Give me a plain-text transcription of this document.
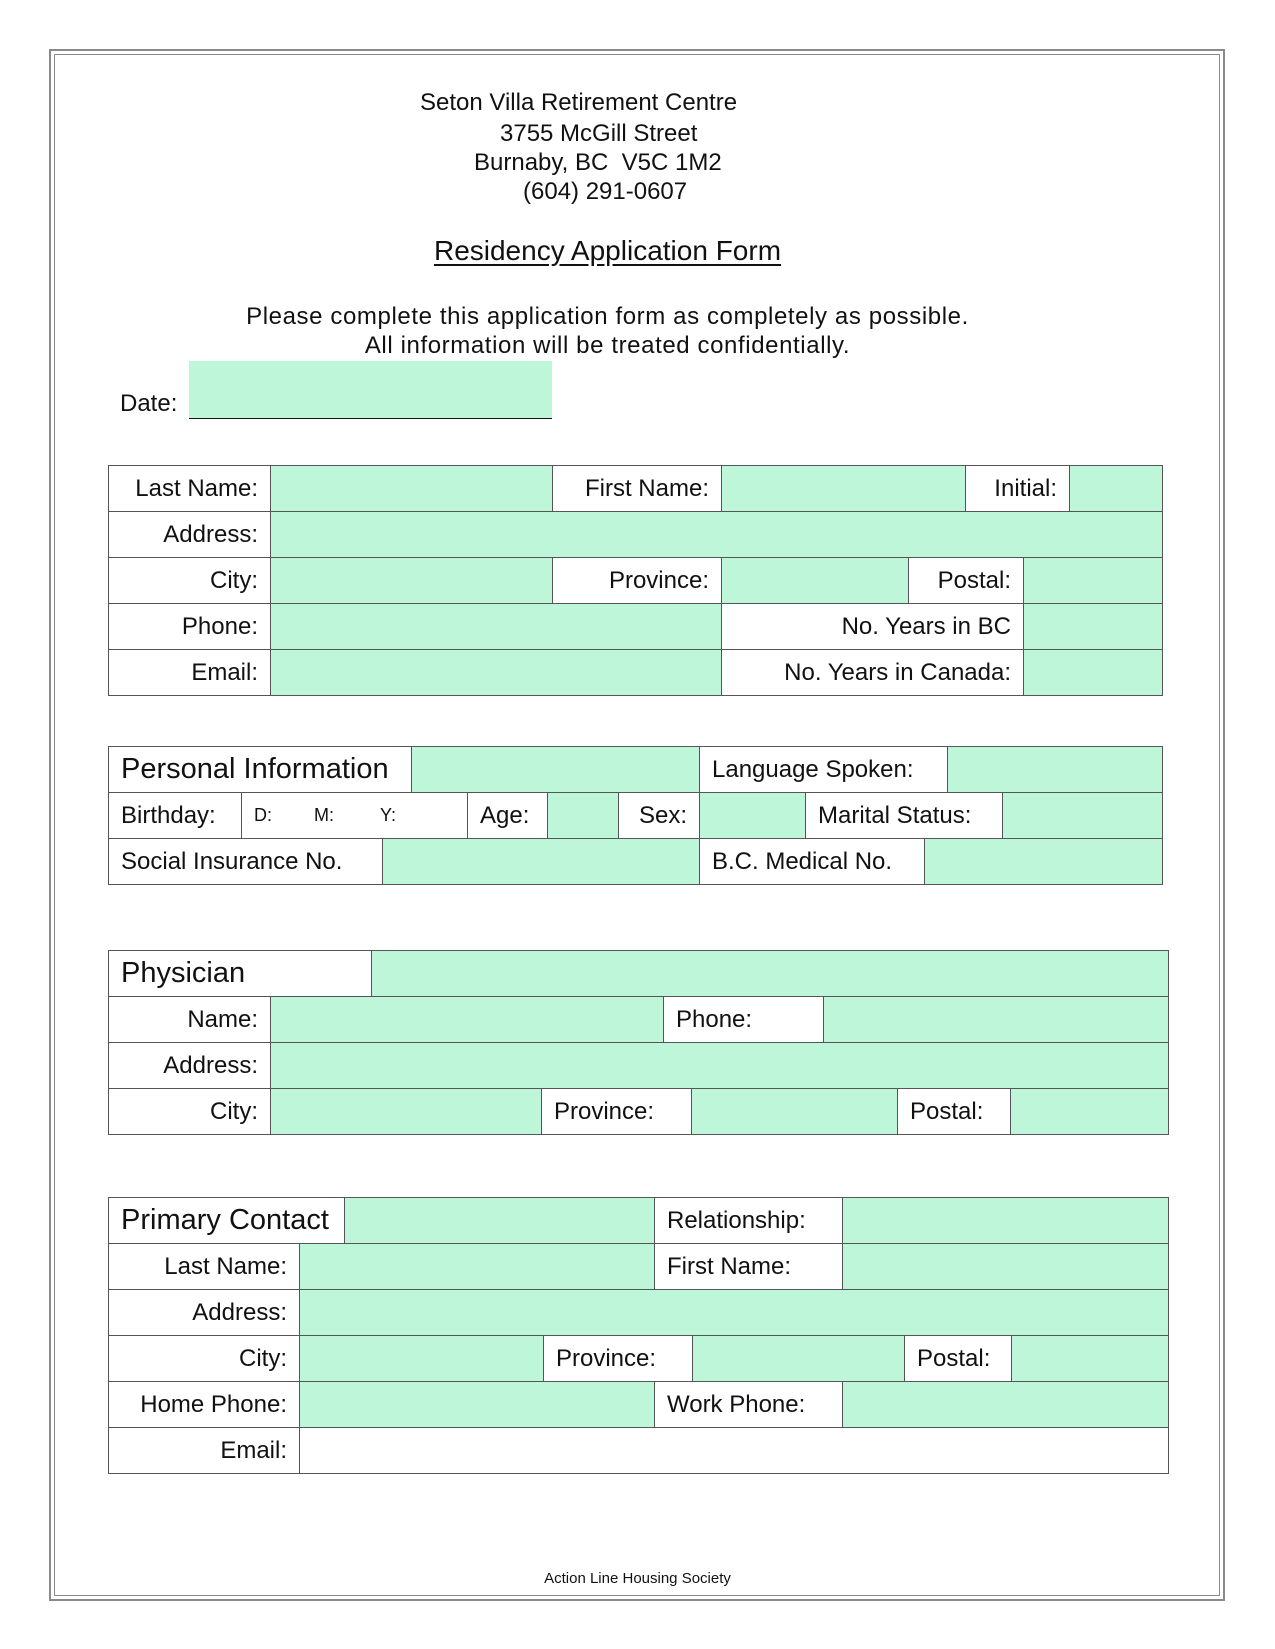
Seton Villa Retirement Centre
3755 McGill Street
Burnaby, BC  V5C 1M2
(604) 291-0607
Residency Application Form
Please complete this application form as completely as possible.
All information will be treated confidentially.
Date:
Last Name:	First Name:	Initial:
Address:
City:	Province:	Postal:
Phone:	No. Years in BC
Email:	No. Years in Canada:
Personal Information	Language Spoken:
Birthday:	D:	M:	Y:	Age:	Sex:	Marital Status:
Social Insurance No.	B.C. Medical No.
Physician
Name:	Phone:
Address:
City:	Province:	Postal:
Primary Contact	Relationship:
Last Name:	First Name:
Address:
City:	Province:	Postal:
Home Phone:	Work Phone:
Email:
Action Line Housing Society
